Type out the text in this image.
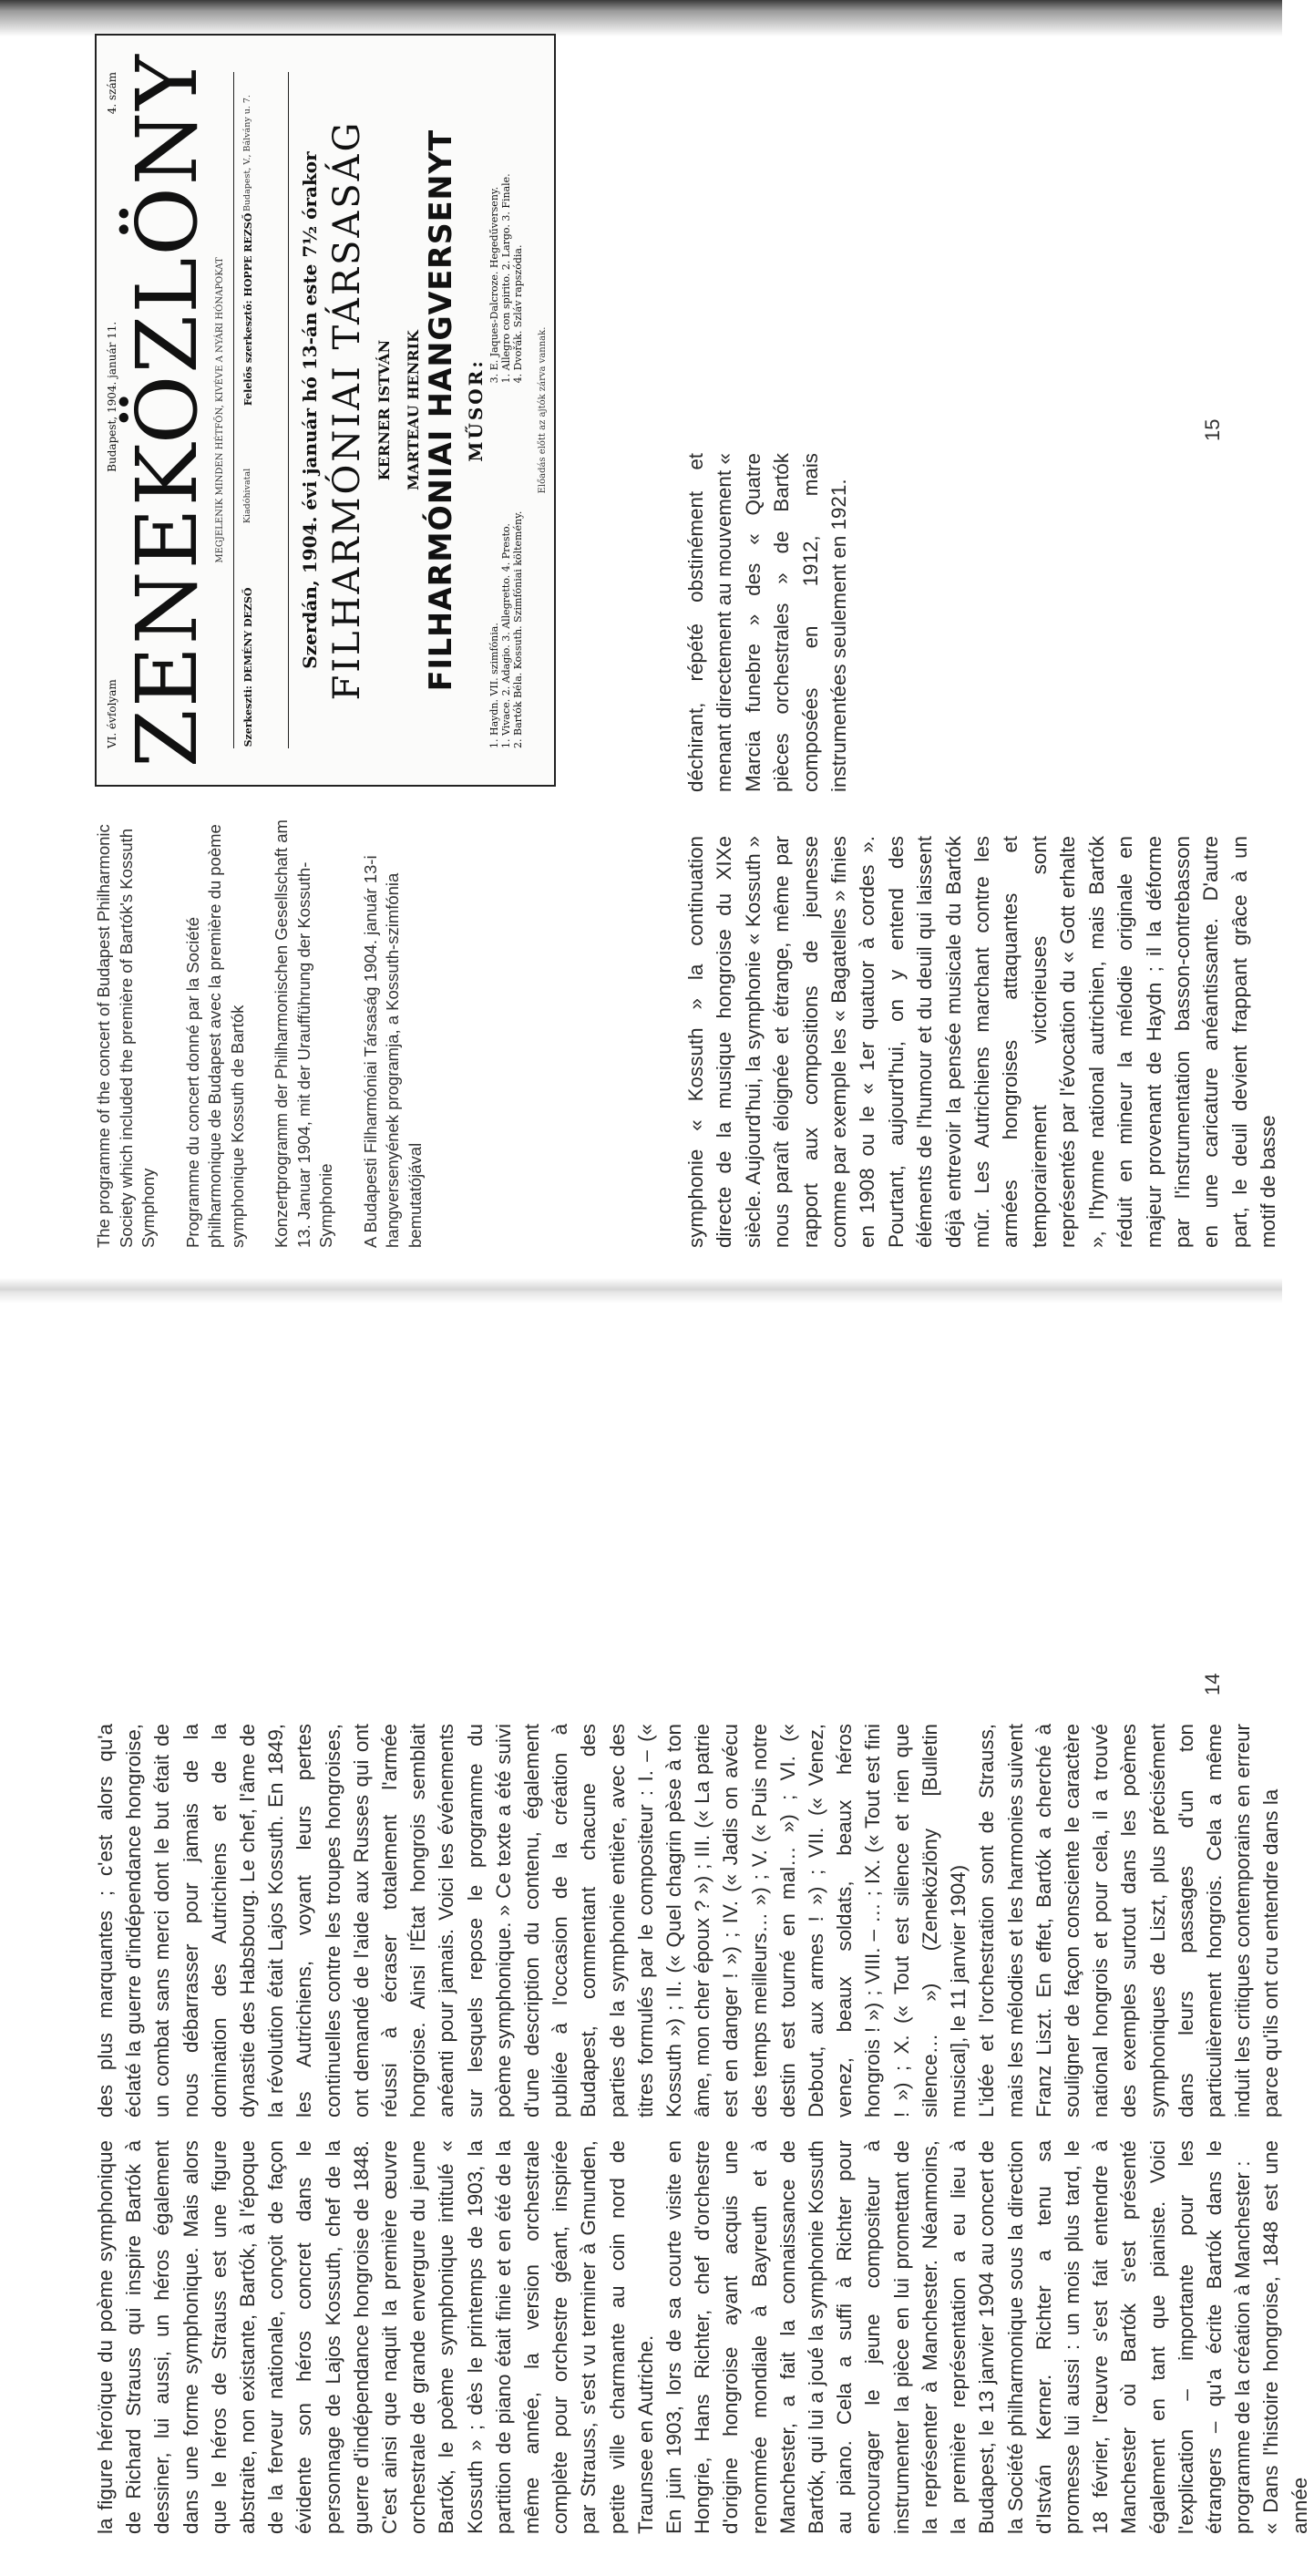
la figure héroïque du poème symphonique de Richard Strauss qui inspire Bartók à dessiner, lui aussi, un héros également dans une forme symphonique. Mais alors que le héros de Strauss est une figure abstraite, non existante, Bartók, à l'époque de la ferveur nationale, conçoit de façon évidente son héros concret dans le personnage de Lajos Kossuth, chef de la guerre d'indépendance hongroise de 1848. C'est ainsi que naquit la première œuvre orchestrale de grande envergure du jeune Bartók, le poème symphonique intitulé « Kossuth » ; dès le printemps de 1903, la partition de piano était finie et en été de la même année, la version orchestrale complète pour orchestre géant, inspirée par Strauss, s'est vu terminer à Gmunden, petite ville charmante au coin nord de Traunsee en Autriche. En juin 1903, lors de sa courte visite en Hongrie, Hans Richter, chef d'orchestre d'origine hongroise ayant acquis une renommée mondiale à Bayreuth et à Manchester, a fait la connaissance de Bartók, qui lui a joué la symphonie Kossuth au piano. Cela a suffi à Richter pour encourager le jeune compositeur à instrumenter la pièce en lui promettant de la représenter à Manchester. Néanmoins, la première représentation a eu lieu à Budapest, le 13 janvier 1904 au concert de la Société philharmonique sous la direction d'István Kerner. Richter a tenu sa promesse lui aussi : un mois plus tard, le 18 février, l'œuvre s'est fait entendre à Manchester où Bartók s'est présenté également en tant que pianiste. Voici l'explication – importante pour les étrangers – qu'a écrite Bartók dans le programme de la création à Manchester : « Dans l'histoire hongroise, 1848 est une année

des plus marquantes ; c'est alors qu'a éclaté la guerre d'indépendance hongroise, un combat sans merci dont le but était de nous débarrasser pour jamais de la domination des Autrichiens et de la dynastie des Habsbourg. Le chef, l'âme de la révolution était Lajos Kossuth. En 1849, les Autrichiens, voyant leurs pertes continuelles contre les troupes hongroises, ont demandé de l'aide aux Russes qui ont réussi à écraser totalement l'armée hongroise. Ainsi l'État hongrois semblait anéanti pour jamais. Voici les événements sur lesquels repose le programme du poème symphonique. » Ce texte a été suivi d'une description du contenu, également publiée à l'occasion de la création à Budapest, commentant chacune des parties de la symphonie entière, avec des titres formulés par le compositeur : I. – (« Kossuth ») ; II. (« Quel chagrin pèse à ton âme, mon cher époux ? ») ; III. (« La patrie est en danger ! ») ; IV. (« Jadis on avécu des temps meilleurs… ») ; V. (« Puis notre destin est tourné en mal… ») ; VI. (« Debout, aux armes ! ») ; VII. (« Venez, venez, beaux soldats, beaux héros hongrois ! ») ; VIII. – … ; IX. (« Tout est fini ! ») ; X. (« Tout est silence et rien que silence… ») (Zeneközlöny [Bulletin musical], le 11 janvier 1904) L'idée et l'orchestration sont de Strauss, mais les mélodies et les harmonies suivent Franz Liszt. En effet, Bartók a cherché à souligner de façon consciente le caractère national hongrois et pour cela, il a trouvé des exemples surtout dans les poèmes symphoniques de Liszt, plus précisément dans leurs passages d'un ton particulièrement hongrois. Cela a même induit les critiques contemporains en erreur parce qu'ils ont cru entendre dans la

14

The programme of the concert of Budapest Philharmonic Society which included the première of Bartók's Kossuth Symphony Programme du concert donné par la Société philharmonique de Budapest avec la première du poème symphonique Kossuth de Bartók Konzertprogramm der Philharmonischen Gesellschaft am 13. Januar 1904, mit der Uraufführung der Kossuth-Symphonie A Budapesti Filharmóniai Társaság 1904. január 13-i hangversenyének programja, a Kossuth-szimfónia bemutatójával

VI. évfolyam
Budapest, 1904. január 11.
4. szám ZENEKÖZLÖNY MEGJELENIK MINDEN HÉTFŐN, KIVÉVE A NYÁRI HÓNAPOKAT
Szerkeszti: DEMÉNY DEZSŐ
Kiadóhivatal
Felelős szerkesztő: HOPPE REZSŐ
Budapest, V., Bálvány u. 7.	Szerdán, 1904. évi január hó 13-án este 7½ órakor FILHARMÓNIAI TÁRSASÁG KERNER ISTVÁN MARTEAU HENRIK FILHARMÓNIAI HANGVERSENYT MŰSOR:
1. Haydn. VII. szimfónia. 1. Vivace. 2. Adagio. 3. Allegretto. 4. Presto. 2. Bartók Béla. Kossuth. Szimfóniai költemény.
3. E. Jaques-Dalcroze. Hegedűverseny. 1. Allegro con spirito. 2. Largo. 3. Finale. 4. Dvořák. Szláv rapszódia.
Előadás előtt az ajtók zárva vannak.

symphonie « Kossuth » la continuation directe de la musique hongroise du XIXe siècle. Aujourd'hui, la symphonie « Kossuth » nous paraît éloignée et étrange, même par rapport aux compositions de jeunesse comme par exemple les « Bagatelles » finies en 1908 ou le « 1er quatuor à cordes ». Pourtant, aujourd'hui, on y entend des éléments de l'humour et du deuil qui laissent déjà entrevoir la pensée musicale du Bartók mûr. Les Autrichiens marchant contre les armées hongroises attaquantes et temporairement victorieuses sont représentés par l'évocation du « Gott erhalte », l'hymne national autrichien, mais Bartók réduit en mineur la mélodie originale en majeur provenant de Haydn ; il la déforme par l'instrumentation basson-contrebasson en une caricature anéantissante. D'autre part, le deuil devient frappant grâce à un motif de basse

déchirant, répété obstinément et menant directement au mouvement « Marcia funebre » des « Quatre pièces orchestrales » de Bartók composées en 1912, mais instrumentées seulement en 1921.

15
